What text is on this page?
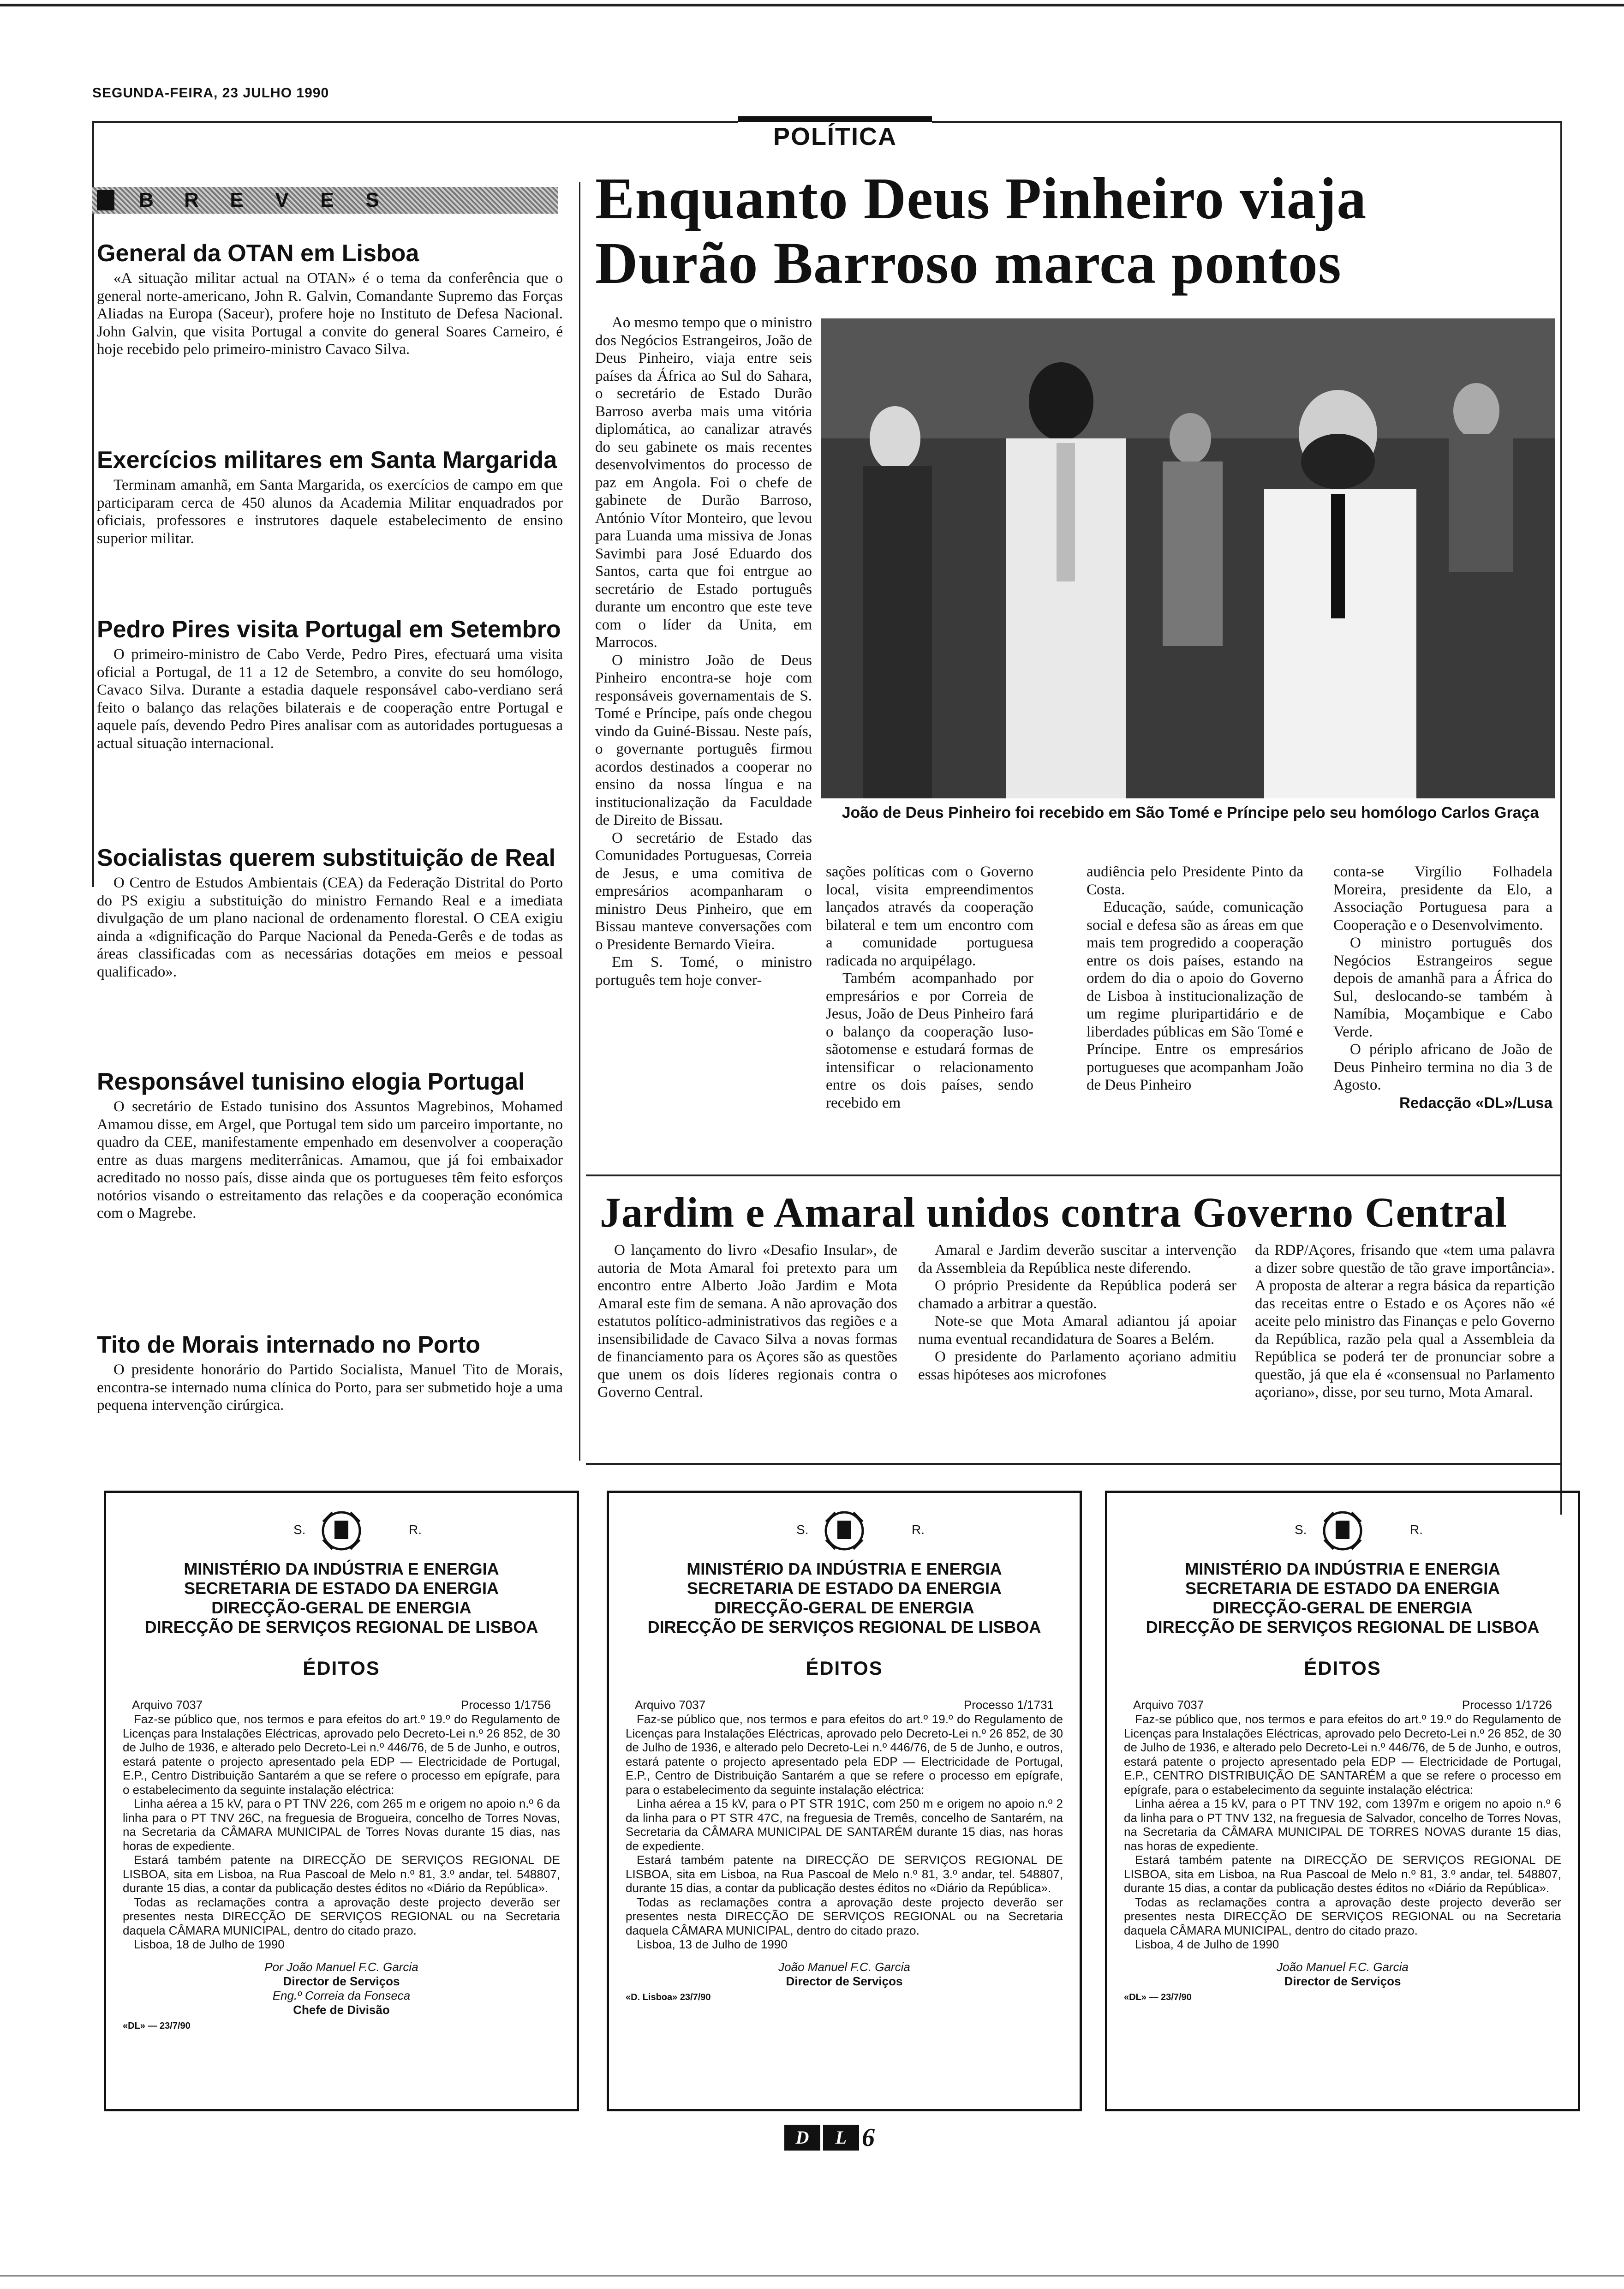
SEGUNDA-FEIRA, 23 JULHO 1990
POLÍTICA
B	R	E	V	E	S
General da OTAN em Lisboa

«A situação militar actual na OTAN» é o tema da conferência que o general norte-americano, John R. Galvin, Comandante Supremo das Forças Aliadas na Europa (Saceur), profere hoje no Instituto de Defesa Nacional. John Galvin, que visita Portugal a convite do general Soares Carneiro, é hoje recebido pelo primeiro-ministro Cavaco Silva.

Exercícios militares em Santa Margarida

Terminam amanhã, em Santa Margarida, os exercícios de campo em que participaram cerca de 450 alunos da Academia Militar enquadrados por oficiais, professores e instrutores daquele estabelecimento de ensino superior militar.

Pedro Pires visita Portugal em Setembro

O primeiro-ministro de Cabo Verde, Pedro Pires, efectuará uma visita oficial a Portugal, de 11 a 12 de Setembro, a convite do seu homólogo, Cavaco Silva. Durante a estadia daquele responsável cabo-verdiano será feito o balanço das relações bilaterais e de cooperação entre Portugal e aquele país, devendo Pedro Pires analisar com as autoridades portuguesas a actual situação internacional.

Socialistas querem substituição de Real

O Centro de Estudos Ambientais (CEA) da Federação Distrital do Porto do PS exigiu a substituição do ministro Fernando Real e a imediata divulgação de um plano nacional de ordenamento florestal. O CEA exigiu ainda a «dignificação do Parque Nacional da Peneda-Gerês e de todas as áreas classificadas com as necessárias dotações em meios e pessoal qualificado».

Responsável tunisino elogia Portugal

O secretário de Estado tunisino dos Assuntos Magrebinos, Mohamed Amamou disse, em Argel, que Portugal tem sido um parceiro importante, no quadro da CEE, manifestamente empenhado em desenvolver a cooperação entre as duas margens mediterrânicas. Amamou, que já foi embaixador acreditado no nosso país, disse ainda que os portugueses têm feito esforços notórios visando o estreitamento das relações e da cooperação económica com o Magrebe.

Tito de Morais internado no Porto

O presidente honorário do Partido Socialista, Manuel Tito de Morais, encontra-se internado numa clínica do Porto, para ser submetido hoje a uma pequena intervenção cirúrgica.

Enquanto Deus Pinheiro viaja
Durão Barroso marca pontos

Ao mesmo tempo que o ministro dos Negócios Estrangeiros, João de Deus Pinheiro, viaja entre seis países da África ao Sul do Sahara, o secretário de Estado Durão Barroso averba mais uma vitória diplomática, ao canalizar através do seu gabinete os mais recentes desenvolvimentos do processo de paz em Angola. Foi o chefe de gabinete de Durão Barroso, António Vítor Monteiro, que levou para Luanda uma missiva de Jonas Savimbi para José Eduardo dos Santos, carta que foi entrgue ao secretário de Estado português durante um encontro que este teve com o líder da Unita, em Marrocos.

O ministro João de Deus Pinheiro encontra-se hoje com responsáveis governamentais de S. Tomé e Príncipe, país onde chegou vindo da Guiné-Bissau. Neste país, o governante português firmou acordos destinados a cooperar no ensino da nossa língua e na institucionalização da Faculdade de Direito de Bissau.

O secretário de Estado das Comunidades Portuguesas, Correia de Jesus, e uma comitiva de empresários acompanharam o ministro Deus Pinheiro, que em Bissau manteve conversações com o Presidente Bernardo Vieira.

Em S. Tomé, o ministro português tem hoje conver-

João de Deus Pinheiro foi recebido em São Tomé e Príncipe pelo seu homólogo Carlos Graça

sações políticas com o Governo local, visita empreendimentos lançados através da cooperação bilateral e tem um encontro com a comunidade portuguesa radicada no arquipélago.

Também acompanhado por empresários e por Correia de Jesus, João de Deus Pinheiro fará o balanço da cooperação luso-sãotomense e estudará formas de intensificar o relacionamento entre os dois países, sendo recebido em

audiência pelo Presidente Pinto da Costa.

Educação, saúde, comunicação social e defesa são as áreas em que mais tem progredido a cooperação entre os dois países, estando na ordem do dia o apoio do Governo de Lisboa à institucionalização de um regime pluripartidário e de liberdades públicas em São Tomé e Príncipe. Entre os empresários portugueses que acompanham João de Deus Pinheiro

conta-se Virgílio Folhadela Moreira, presidente da Elo, a Associação Portuguesa para a Cooperação e o Desenvolvimento.

O ministro português dos Negócios Estrangeiros segue depois de amanhã para a África do Sul, deslocando-se também à Namíbia, Moçambique e Cabo Verde.

O périplo africano de João de Deus Pinheiro termina no dia 3 de Agosto.

Redacção «DL»/Lusa

Jardim e Amaral unidos contra Governo Central

O lançamento do livro «Desafio Insular», de autoria de Mota Amaral foi pretexto para um encontro entre Alberto João Jardim e Mota Amaral este fim de semana. A não aprovação dos estatutos político-administrativos das regiões e a insensibilidade de Cavaco Silva a novas formas de financiamento para os Açores são as questões que unem os dois líderes regionais contra o Governo Central.

Amaral e Jardim deverão suscitar a intervenção da Assembleia da República neste diferendo.

O próprio Presidente da República poderá ser chamado a arbitrar a questão.

Note-se que Mota Amaral adiantou já apoiar numa eventual recandidatura de Soares a Belém.

O presidente do Parlamento açoriano admitiu essas hipóteses aos microfones

da RDP/Açores, frisando que «tem uma palavra a dizer sobre questão de tão grave importância». A proposta de alterar a regra básica da repartição das receitas entre o Estado e os Açores não «é aceite pelo ministro das Finanças e pelo Governo da República, razão pela qual a Assembleia da República se poderá ter de pronunciar sobre a questão, já que ela é «consensual no Parlamento açoriano», disse, por seu turno, Mota Amaral.

S.	R.
MINISTÉRIO DA INDÚSTRIA E ENERGIA
SECRETARIA DE ESTADO DA ENERGIA
DIRECÇÃO-GERAL DE ENERGIA
DIRECÇÃO DE SERVIÇOS REGIONAL DE LISBOA
ÉDITOS
Arquivo 7037	Processo 1/1756

Faz-se público que, nos termos e para efeitos do art.º 19.º do Regulamento de Licenças para Instalações Eléctricas, aprovado pelo Decreto-Lei n.º 26 852, de 30 de Julho de 1936, e alterado pelo Decreto-Lei n.º 446/76, de 5 de Junho, e outros, estará patente o projecto apresentado pela EDP — Electricidade de Portugal, E.P., Centro Distribuição Santarém a que se refere o processo em epígrafe, para o estabelecimento da seguinte instalação eléctrica:

Linha aérea a 15 kV, para o PT TNV 226, com 265 m e origem no apoio n.º 6 da linha para o PT TNV 26C, na freguesia de Brogueira, concelho de Torres Novas, na Secretaria da CÂMARA MUNICIPAL de Torres Novas durante 15 dias, nas horas de expediente.

Estará também patente na DIRECÇÃO DE SERVIÇOS REGIONAL DE LISBOA, sita em Lisboa, na Rua Pascoal de Melo n.º 81, 3.º andar, tel. 548807, durante 15 dias, a contar da publicação destes éditos no «Diário da República».

Todas as reclamações contra a aprovação deste projecto deverão ser presentes nesta DIRECÇÃO DE SERVIÇOS REGIONAL ou na Secretaria daquela CÂMARA MUNICIPAL, dentro do citado prazo.

Lisboa, 18 de Julho de 1990

Por João Manuel F.C. Garcia
Director de Serviços
Eng.º Correia da Fonseca
Chefe de Divisão
«DL» — 23/7/90
S.	R.
MINISTÉRIO DA INDÚSTRIA E ENERGIA
SECRETARIA DE ESTADO DA ENERGIA
DIRECÇÃO-GERAL DE ENERGIA
DIRECÇÃO DE SERVIÇOS REGIONAL DE LISBOA
ÉDITOS
Arquivo 7037	Processo 1/1731

Faz-se público que, nos termos e para efeitos do art.º 19.º do Regulamento de Licenças para Instalações Eléctricas, aprovado pelo Decreto-Lei n.º 26 852, de 30 de Julho de 1936, e alterado pelo Decreto-Lei n.º 446/76, de 5 de Junho, e outros, estará patente o projecto apresentado pela EDP — Electricidade de Portugal, E.P., Centro de Distribuição Santarém a que se refere o processo em epígrafe, para o estabelecimento da seguinte instalação eléctrica:

Linha aérea a 15 kV, para o PT STR 191C, com 250 m e origem no apoio n.º 2 da linha para o PT STR 47C, na freguesia de Tremês, concelho de Santarém, na Secretaria da CÂMARA MUNICIPAL DE SANTARÉM durante 15 dias, nas horas de expediente.

Estará também patente na DIRECÇÃO DE SERVIÇOS REGIONAL DE LISBOA, sita em Lisboa, na Rua Pascoal de Melo n.º 81, 3.º andar, tel. 548807, durante 15 dias, a contar da publicação destes éditos no «Diário da República».

Todas as reclamações contra a aprovação deste projecto deverão ser presentes nesta DIRECÇÃO DE SERVIÇOS REGIONAL ou na Secretaria daquela CÂMARA MUNICIPAL, dentro do citado prazo.

Lisboa, 13 de Julho de 1990

João Manuel F.C. Garcia
Director de Serviços
«D. Lisboa» 23/7/90
S.	R.
MINISTÉRIO DA INDÚSTRIA E ENERGIA
SECRETARIA DE ESTADO DA ENERGIA
DIRECÇÃO-GERAL DE ENERGIA
DIRECÇÃO DE SERVIÇOS REGIONAL DE LISBOA
ÉDITOS
Arquivo 7037	Processo 1/1726

Faz-se público que, nos termos e para efeitos do art.º 19.º do Regulamento de Licenças para Instalações Eléctricas, aprovado pelo Decreto-Lei n.º 26 852, de 30 de Julho de 1936, e alterado pelo Decreto-Lei n.º 446/76, de 5 de Junho, e outros, estará patente o projecto apresentado pela EDP — Electricidade de Portugal, E.P., CENTRO DISTRIBUIÇÃO DE SANTARÉM a que se refere o processo em epígrafe, para o estabelecimento da seguinte instalação eléctrica:

Linha aérea a 15 kV, para o PT TNV 192, com 1397m e origem no apoio n.º 6 da linha para o PT TNV 132, na freguesia de Salvador, concelho de Torres Novas, na Secretaria da CÂMARA MUNICIPAL DE TORRES NOVAS durante 15 dias, nas horas de expediente.

Estará também patente na DIRECÇÃO DE SERVIÇOS REGIONAL DE LISBOA, sita em Lisboa, na Rua Pascoal de Melo n.º 81, 3.º andar, tel. 548807, durante 15 dias, a contar da publicação destes éditos no «Diário da República».

Todas as reclamações contra a aprovação deste projecto deverão ser presentes nesta DIRECÇÃO DE SERVIÇOS REGIONAL ou na Secretaria daquela CÂMARA MUNICIPAL, dentro do citado prazo.

Lisboa, 4 de Julho de 1990

João Manuel F.C. Garcia
Director de Serviços
«DL» — 23/7/90
D	L 6
